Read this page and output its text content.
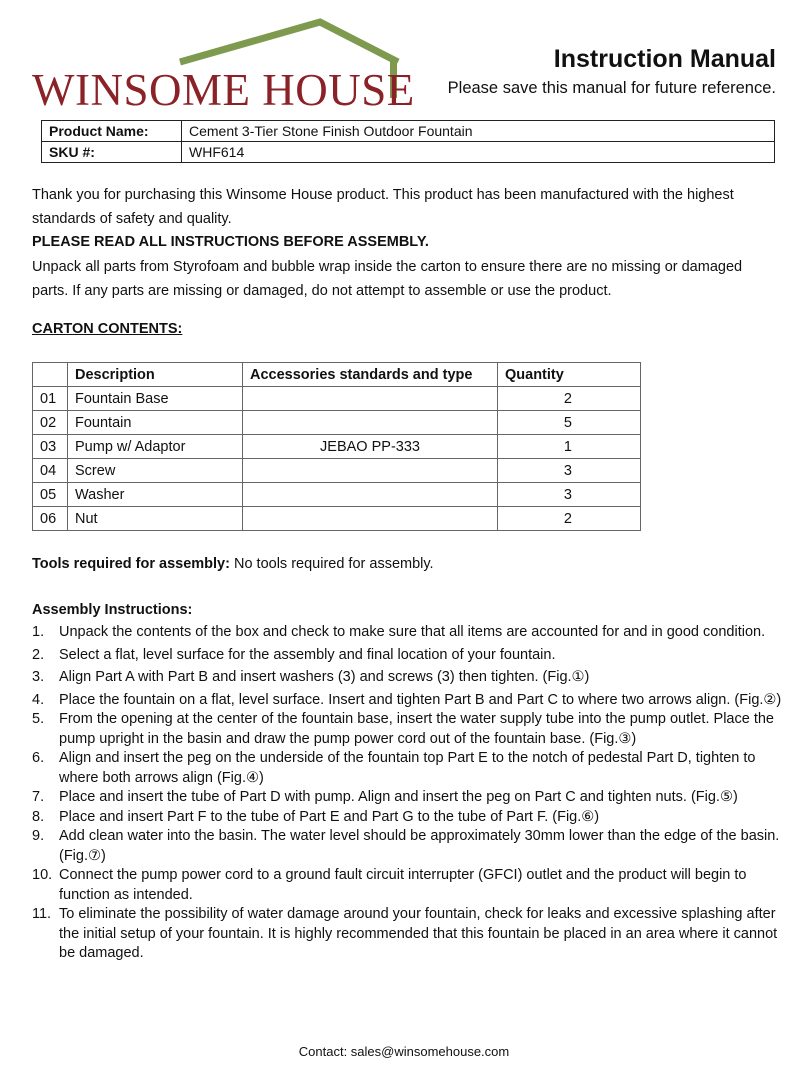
WINSOME HOUSE
Instruction Manual
Please save this manual for future reference.
Product Name:	Cement 3-Tier Stone Finish Outdoor Fountain
SKU #:	WHF614
Thank you for purchasing this Winsome House product. This product has been manufactured with the highest standards of safety and quality.
PLEASE READ ALL INSTRUCTIONS BEFORE ASSEMBLY.
Unpack all parts from Styrofoam and bubble wrap inside the carton to ensure there are no missing or damaged parts. If any parts are missing or damaged, do not attempt to assemble or use the product.
CARTON CONTENTS:
	Description	Accessories standards and type	Quantity
01	Fountain Base		2
02	Fountain		5
03	Pump w/ Adaptor	JEBAO PP-333	1
04	Screw		3
05	Washer		3
06	Nut		2
Tools required for assembly: No tools required for assembly.
Assembly Instructions:
1. Unpack the contents of the box and check to make sure that all items are accounted for and in good condition.
2. Select a flat, level surface for the assembly and final location of your fountain.
3. Align Part A with Part B and insert washers (3) and screws (3) then tighten. (Fig.①)
4. Place the fountain on a flat, level surface. Insert and tighten Part B and Part C to where two arrows align. (Fig.②)
5. From the opening at the center of the fountain base, insert the water supply tube into the pump outlet. Place the pump upright in the basin and draw the pump power cord out of the fountain base. (Fig.③)
6. Align and insert the peg on the underside of the fountain top Part E to the notch of pedestal Part D, tighten to where both arrows align (Fig.④)
7. Place and insert the tube of Part D with pump. Align and insert the peg on Part C and tighten nuts. (Fig.⑤)
8. Place and insert Part F to the tube of Part E and Part G to the tube of Part F. (Fig.⑥)
9. Add clean water into the basin. The water level should be approximately 30mm lower than the edge of the basin. (Fig.⑦)
10. Connect the pump power cord to a ground fault circuit interrupter (GFCI) outlet and the product will begin to function as intended.
11. To eliminate the possibility of water damage around your fountain, check for leaks and excessive splashing after the initial setup of your fountain. It is highly recommended that this fountain be placed in an area where it cannot be damaged.
Contact: sales@winsomehouse.com
